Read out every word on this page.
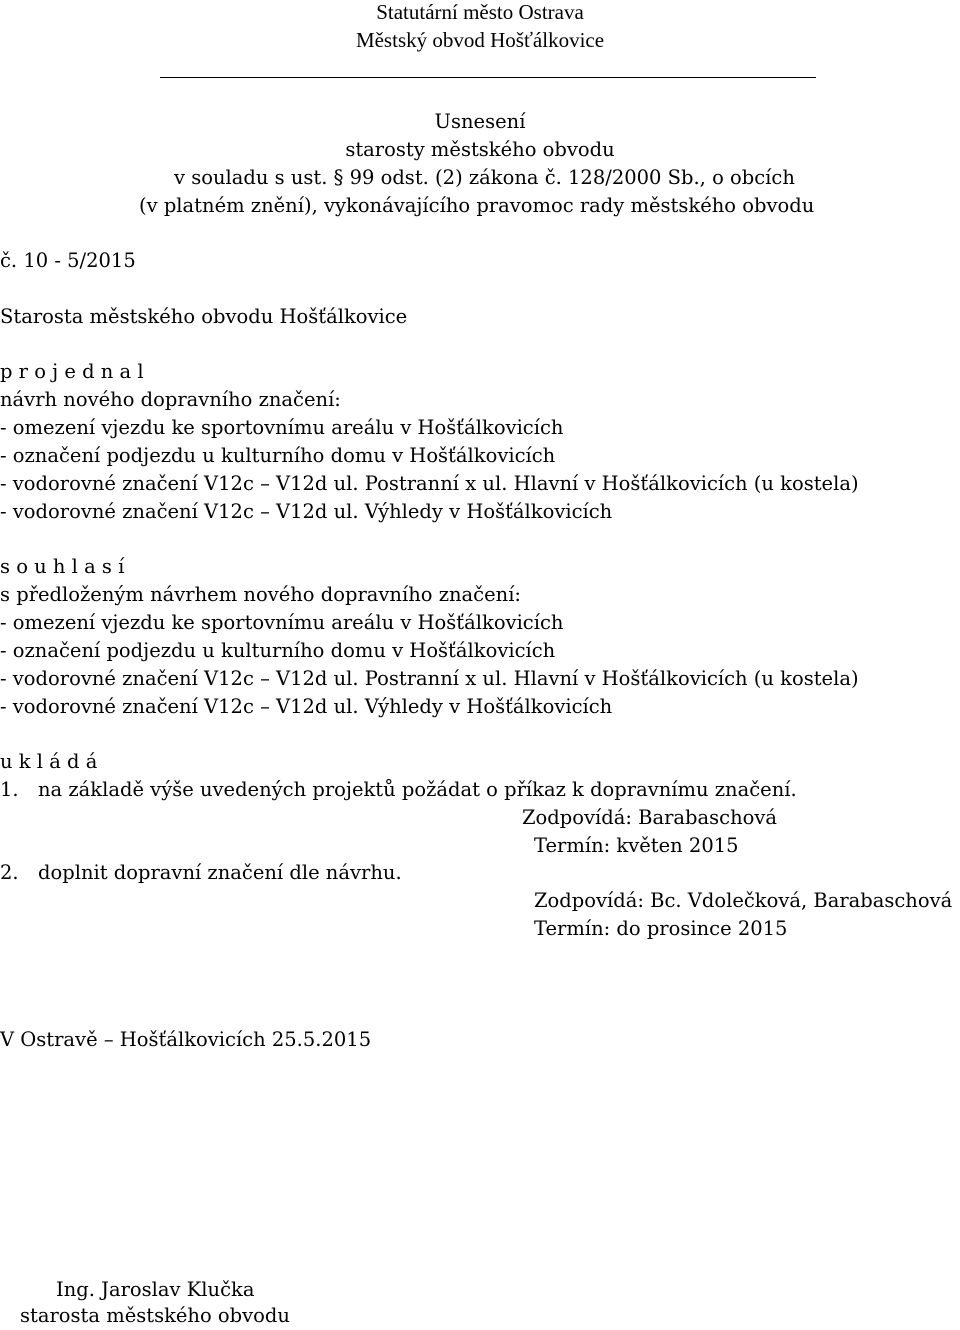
Statutární město Ostrava
Městský obvod Hošťálkovice
Usnesení
starosty městského obvodu
v souladu s ust. § 99 odst. (2) zákona č. 128/2000 Sb., o obcích
(v platném znění), vykonávajícího pravomoc rady městského obvodu
č. 10 - 5/2015
Starosta městského obvodu Hošťálkovice
p r o j e d n a l
návrh nového dopravního značení:
- omezení vjezdu ke sportovnímu areálu v Hošťálkovicích
- označení podjezdu u kulturního domu v Hošťálkovicích
- vodorovné značení V12c – V12d ul. Postranní x ul. Hlavní v Hošťálkovicích (u kostela)
- vodorovné značení V12c – V12d ul. Výhledy v Hošťálkovicích
s o u h l a s í
s předloženým návrhem nového dopravního značení:
- omezení vjezdu ke sportovnímu areálu v Hošťálkovicích
- označení podjezdu u kulturního domu v Hošťálkovicích
- vodorovné značení V12c – V12d ul. Postranní x ul. Hlavní v Hošťálkovicích (u kostela)
- vodorovné značení V12c – V12d ul. Výhledy v Hošťálkovicích
u k l á d á
1. na základě výše uvedených projektů požádat o příkaz k dopravnímu značení.
Zodpovídá: Barabaschová
Termín: květen 2015
2. doplnit dopravní značení dle návrhu.
Zodpovídá: Bc. Vdolečková, Barabaschová
Termín: do prosince 2015
V Ostravě – Hošťálkovicích 25.5.2015
Ing. Jaroslav Klučka
starosta městského obvodu
